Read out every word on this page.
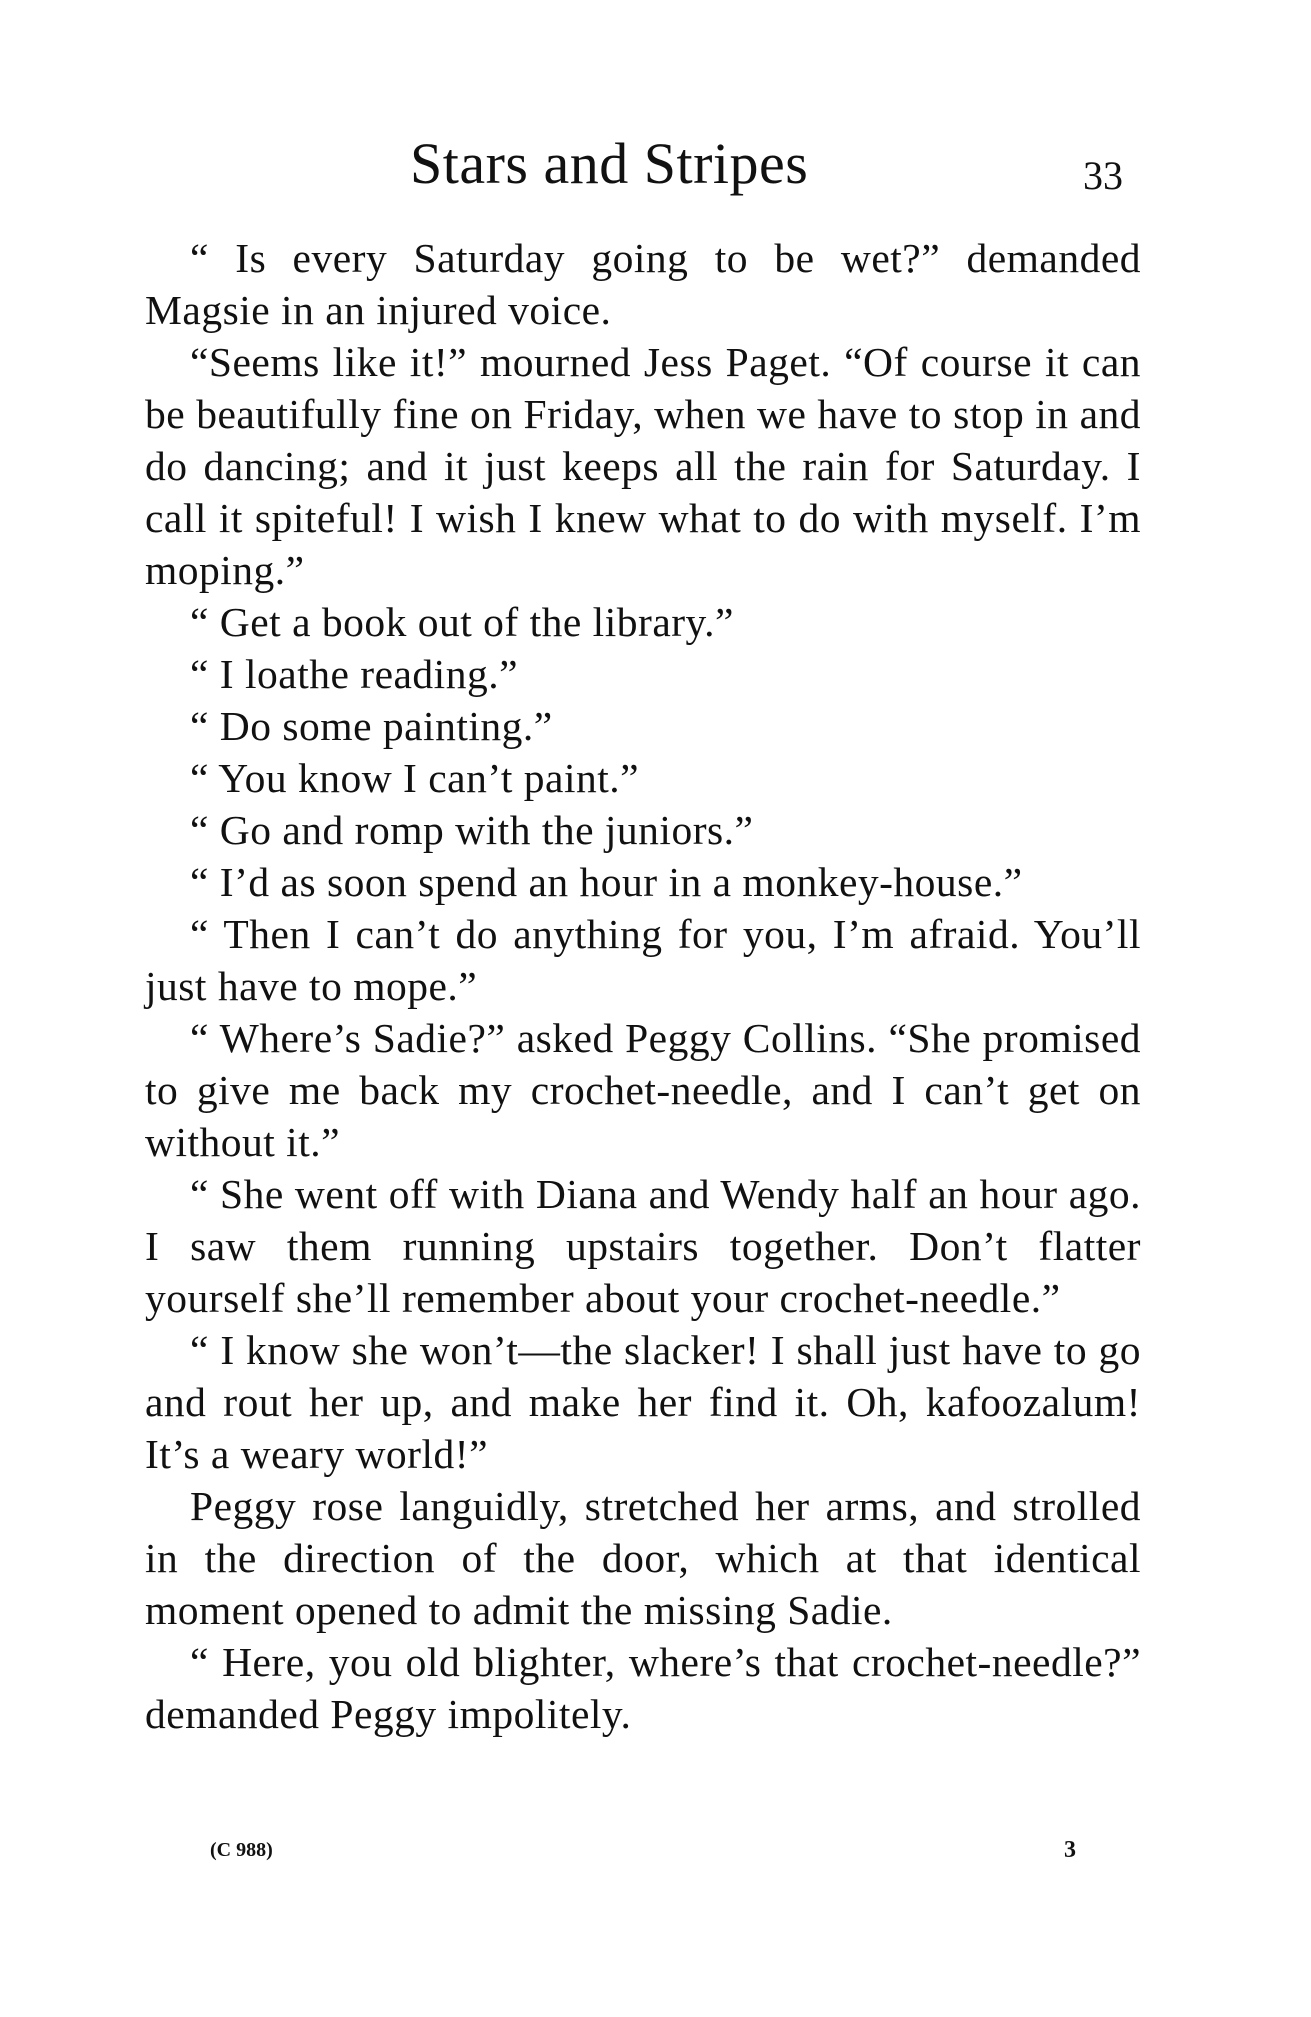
Stars and Stripes	33

“ Is every Saturday going to be wet?” demanded Magsie in an injured voice.

“Seems like it!” mourned Jess Paget. “Of course it can be beautifully fine on Friday, when we have to stop in and do dancing; and it just keeps all the rain for Saturday. I call it spiteful! I wish I knew what to do with myself. I’m moping.”

“ Get a book out of the library.”

“ I loathe reading.”

“ Do some painting.”

“ You know I can’t paint.”

“ Go and romp with the juniors.”

“ I’d as soon spend an hour in a monkey-house.”

“ Then I can’t do anything for you, I’m afraid. You’ll just have to mope.”

“ Where’s Sadie?” asked Peggy Collins. “She promised to give me back my crochet-needle, and I can’t get on without it.”

“ She went off with Diana and Wendy half an hour ago. I saw them running upstairs together. Don’t flatter yourself she’ll remember about your crochet-needle.”

“ I know she won’t—the slacker! I shall just have to go and rout her up, and make her find it. Oh, kafoozalum! It’s a weary world!”

Peggy rose languidly, stretched her arms, and strolled in the direction of the door, which at that identical moment opened to admit the missing Sadie.

“ Here, you old blighter, where’s that crochet-needle?” demanded Peggy impolitely.

(C 988)	3
